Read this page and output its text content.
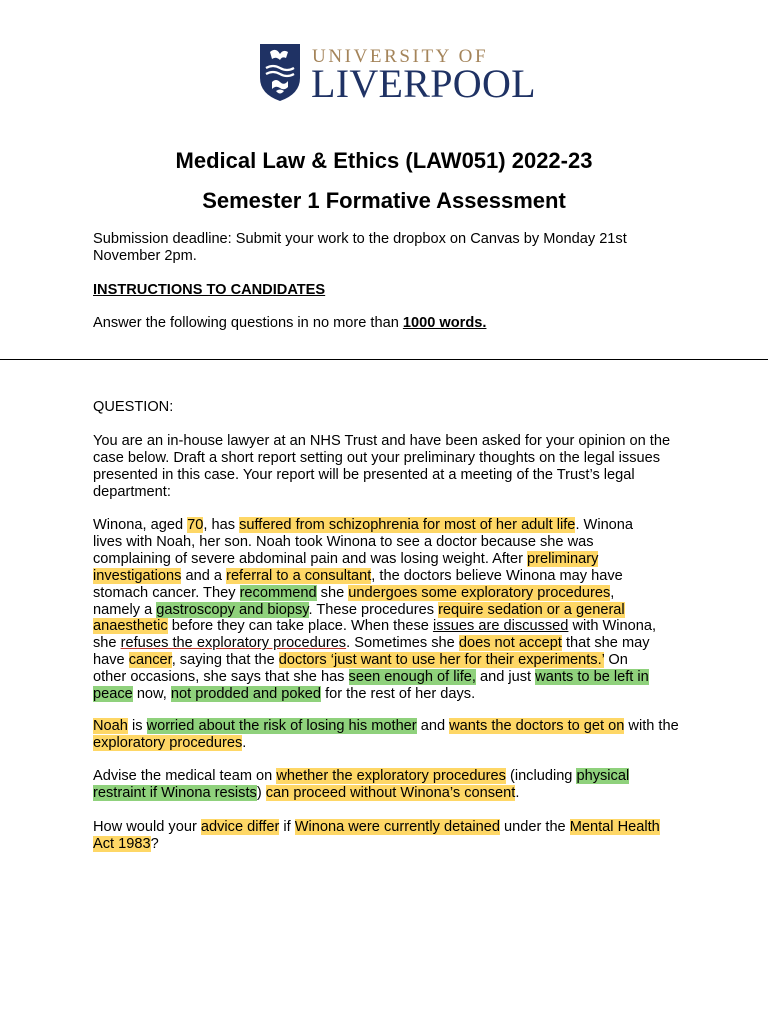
UNIVERSITY OF
LIVERPOOL
Medical Law & Ethics (LAW051) 2022-23
Semester 1 Formative Assessment

Submission deadline: Submit your work to the dropbox on Canvas by Monday 21st November 2pm.

INSTRUCTIONS TO CANDIDATES

Answer the following questions in no more than 1000 words.

QUESTION:

You are an in-house lawyer at an NHS Trust and have been asked for your opinion on the case below. Draft a short report setting out your preliminary thoughts on the legal issues presented in this case. Your report will be presented at a meeting of the Trust’s legal department:

Winona, aged 70, has suffered from schizophrenia for most of her adult life. Winona lives with Noah, her son. Noah took Winona to see a doctor because she was complaining of severe abdominal pain and was losing weight. After preliminary investigations and a referral to a consultant, the doctors believe Winona may have stomach cancer. They recommend she undergoes some exploratory procedures, namely a gastroscopy and biopsy. These procedures require sedation or a general anaesthetic before they can take place. When these issues are discussed with Winona, she refuses the exploratory procedures. Sometimes she does not accept that she may have cancer, saying that the doctors ‘just want to use her for their experiments.’ On other occasions, she says that she has seen enough of life, and just wants to be left in peace now, not prodded and poked for the rest of her days.

Noah is worried about the risk of losing his mother and wants the doctors to get on with the exploratory procedures.

Advise the medical team on whether the exploratory procedures (including physical restraint if Winona resists) can proceed without Winona’s consent.

How would your advice differ if Winona were currently detained under the Mental Health Act 1983?
